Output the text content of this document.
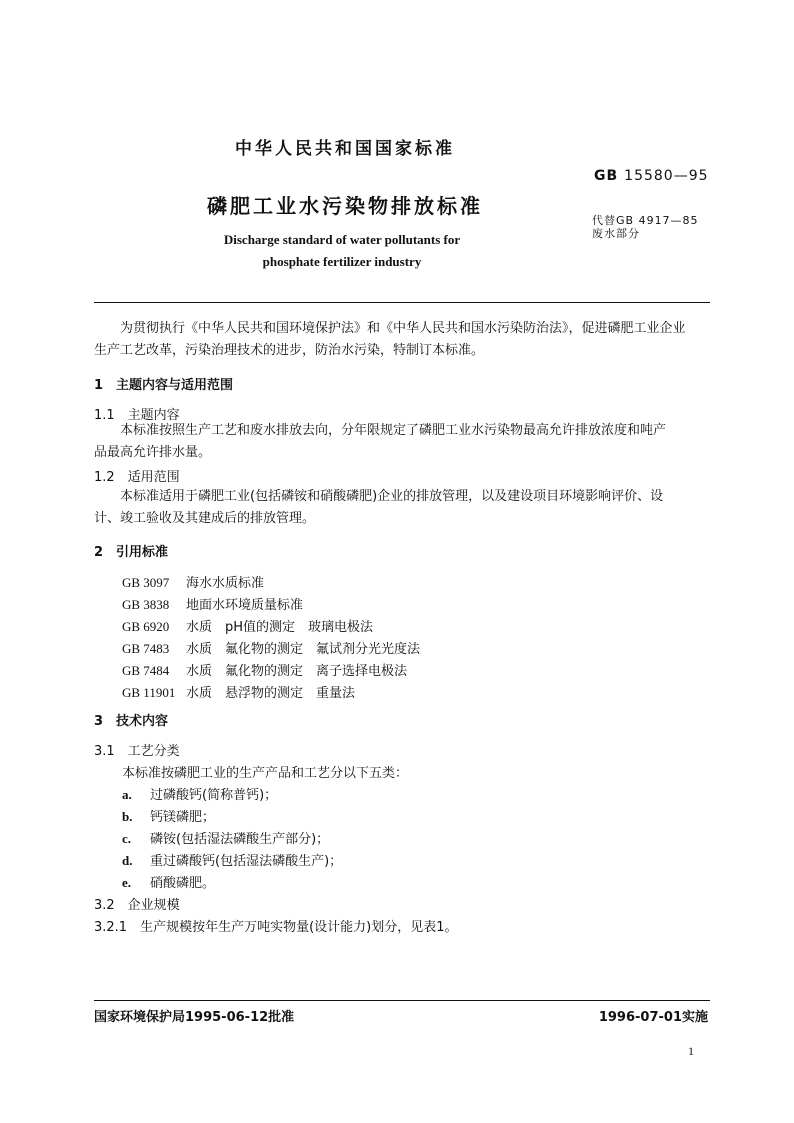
中华人民共和国国家标准
GB 15580—95
磷肥工业水污染物排放标准
代替GB 4917—85
废水部分
Discharge standard of water pollutants for
phosphate fertilizer industry
为贯彻执行《中华人民共和国环境保护法》和《中华人民共和国水污染防治法》，促进磷肥工业企业
生产工艺改革，污染治理技术的进步，防治水污染，特制订本标准。
1　主题内容与适用范围
1.1　主题内容
本标准按照生产工艺和废水排放去向，分年限规定了磷肥工业水污染物最高允许排放浓度和吨产
品最高允许排水量。
1.2　适用范围
本标准适用于磷肥工业(包括磷铵和硝酸磷肥)企业的排放管理，以及建设项目环境影响评价、设
计、竣工验收及其建成后的排放管理。
2　引用标准
GB 3097 海水水质标准
GB 3838 地面水环境质量标准
GB 6920 水质　pH值的测定　玻璃电极法
GB 7483 水质　氟化物的测定　氟试剂分光光度法
GB 7484 水质　氟化物的测定　离子选择电极法
GB 11901 水质　悬浮物的测定　重量法
3　技术内容
3.1　工艺分类
本标准按磷肥工业的生产产品和工艺分以下五类：
a. 过磷酸钙(简称普钙)；
b. 钙镁磷肥；
c. 磷铵(包括湿法磷酸生产部分)；
d. 重过磷酸钙(包括湿法磷酸生产)；
e. 硝酸磷肥。
3.2　企业规模
3.2.1　生产规模按年生产万吨实物量(设计能力)划分，见表1。
国家环境保护局1995-06-12批准	1996-07-01实施
1
